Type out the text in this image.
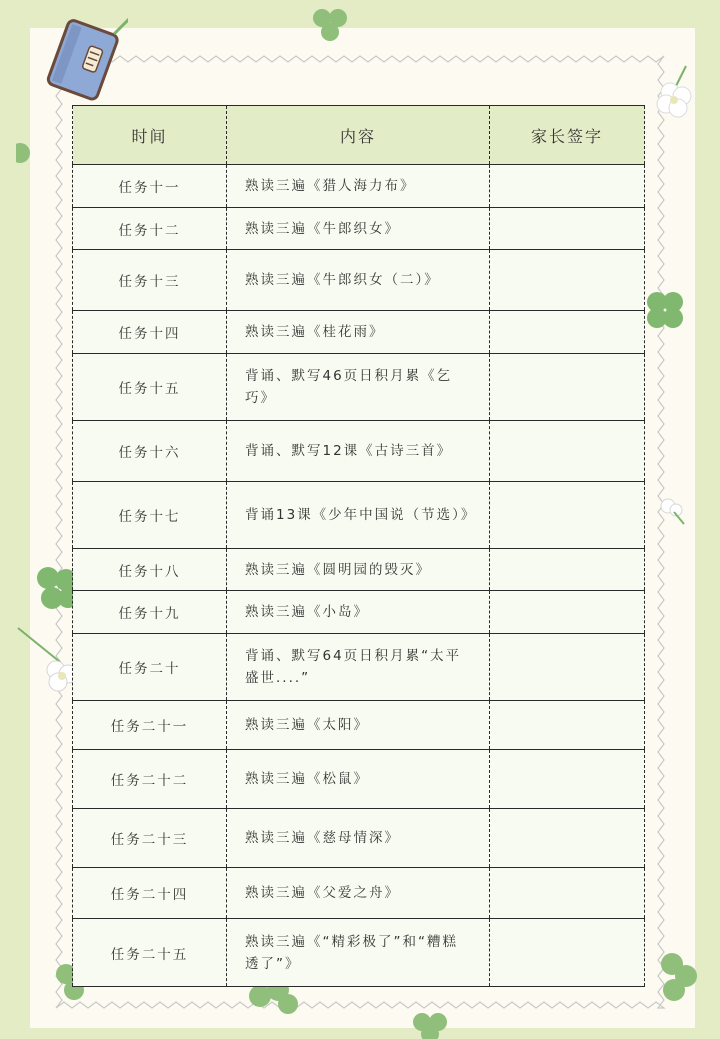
时间	内容	家长签字
任务十一	熟读三遍《猎人海力布》	
任务十二	熟读三遍《牛郎织女》	
任务十三	熟读三遍《牛郎织女（二）》	
任务十四	熟读三遍《桂花雨》	
任务十五	背诵、默写46页日积月累《乞巧》	
任务十六	背诵、默写12课《古诗三首》	
任务十七	背诵13课《少年中国说（节选）》	
任务十八	熟读三遍《圆明园的毁灭》	
任务十九	熟读三遍《小岛》	
任务二十	背诵、默写64页日积月累“太平盛世....”	
任务二十一	熟读三遍《太阳》	
任务二十二	熟读三遍《松鼠》	
任务二十三	熟读三遍《慈母情深》	
任务二十四	熟读三遍《父爱之舟》	
任务二十五	熟读三遍《“精彩极了”和“糟糕透了”》	
